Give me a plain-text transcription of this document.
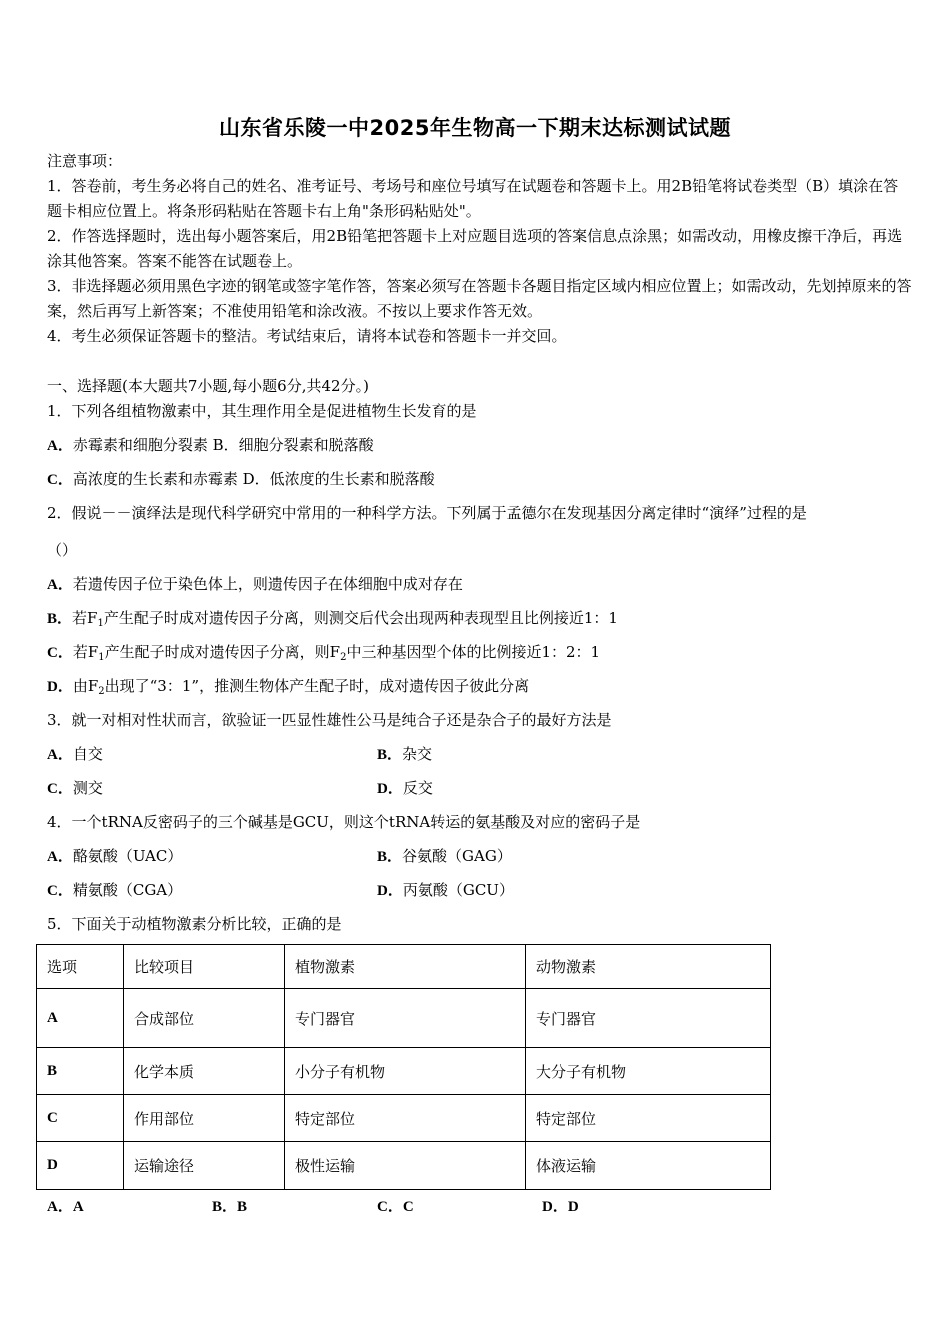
山东省乐陵一中2025年生物高一下期末达标测试试题
注意事项：
1．答卷前，考生务必将自己的姓名、准考证号、考场号和座位号填写在试题卷和答题卡上。用2B铅笔将试卷类型（B）填涂在答题卡相应位置上。将条形码粘贴在答题卡右上角"条形码粘贴处"。
2．作答选择题时，选出每小题答案后，用2B铅笔把答题卡上对应题目选项的答案信息点涂黑；如需改动，用橡皮擦干净后，再选涂其他答案。答案不能答在试题卷上。
3．非选择题必须用黑色字迹的钢笔或签字笔作答，答案必须写在答题卡各题目指定区域内相应位置上；如需改动，先划掉原来的答案，然后再写上新答案；不准使用铅笔和涂改液。不按以上要求作答无效。
4．考生必须保证答题卡的整洁。考试结束后，请将本试卷和答题卡一并交回。
一、选择题(本大题共7小题,每小题6分,共42分。)
1．下列各组植物激素中，其生理作用全是促进植物生长发育的是
A．赤霉素和细胞分裂素 B．细胞分裂素和脱落酸
C．高浓度的生长素和赤霉素 D．低浓度的生长素和脱落酸
2．假说－－演绎法是现代科学研究中常用的一种科学方法。下列属于孟德尔在发现基因分离定律时“演绎”过程的是
（）
A．若遗传因子位于染色体上，则遗传因子在体细胞中成对存在
B．若$F_1$产生配子时成对遗传因子分离，则测交后代会出现两种表现型且比例接近1：1
C．若$F_1$产生配子时成对遗传因子分离，则$F_2$中三种基因型个体的比例接近1：2：1
D．由$F_2$出现了“3：1”，推测生物体产生配子时，成对遗传因子彼此分离
3．就一对相对性状而言，欲验证一匹显性雄性公马是纯合子还是杂合子的最好方法是
A．自交	B．杂交
C．测交	D．反交
4．一个tRNA反密码子的三个碱基是GCU，则这个tRNA转运的氨基酸及对应的密码子是
A．酪氨酸（UAC）	B．谷氨酸（GAG）
C．精氨酸（CGA）	D．丙氨酸（GCU）
5．下面关于动植物激素分析比较，正确的是
选项	比较项目	植物激素	动物激素
A	合成部位	专门器官	专门器官
B	化学本质	小分子有机物	大分子有机物
C	作用部位	特定部位	特定部位
D	运输途径	极性运输	体液运输
A．A	B．B	C．C	D．D
